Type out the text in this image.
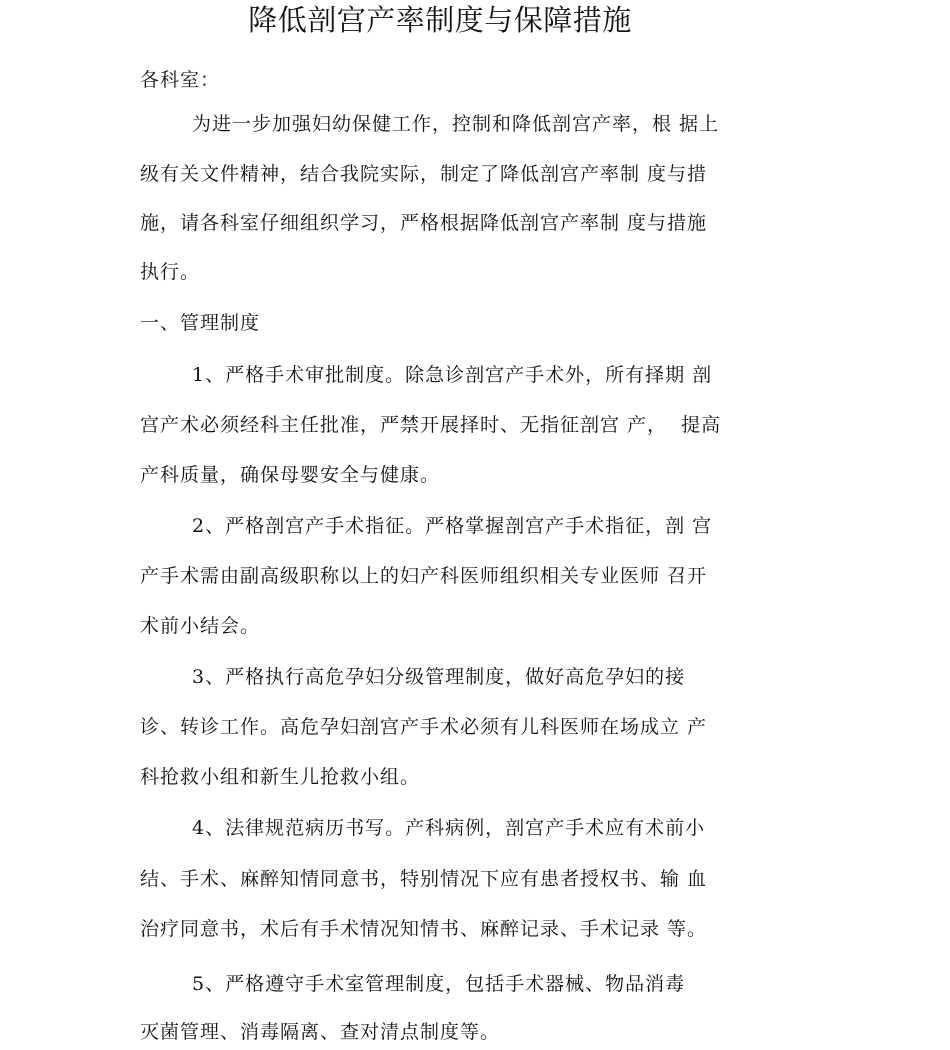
降低剖宫产率制度与保障措施
各科室：
为进一步加强妇幼保健工作，控制和降低剖宫产率，根 据上
级有关文件精神，结合我院实际，制定了降低剖宫产率制 度与措
施，请各科室仔细组织学习，严格根据降低剖宫产率制 度与措施
执行。
一、管理制度
1、严格手术审批制度。除急诊剖宫产手术外，所有择期 剖
宫产术必须经科主任批准，严禁开展择时、无指征剖宫 产，  提高
产科质量，确保母婴安全与健康。
2、严格剖宫产手术指征。严格掌握剖宫产手术指征，剖 宫
产手术需由副高级职称以上的妇产科医师组织相关专业医师 召开
术前小结会。
3、严格执行高危孕妇分级管理制度，做好高危孕妇的接
诊、转诊工作。高危孕妇剖宫产手术必须有儿科医师在场成立 产
科抢救小组和新生儿抢救小组。
4、法律规范病历书写。产科病例，剖宫产手术应有术前小
结、手术、麻醉知情同意书，特别情况下应有患者授权书、输 血
治疗同意书，术后有手术情况知情书、麻醉记录、手术记录 等。
5、严格遵守手术室管理制度，包括手术器械、物品消毒
灭菌管理、消毒隔离、查对清点制度等。
